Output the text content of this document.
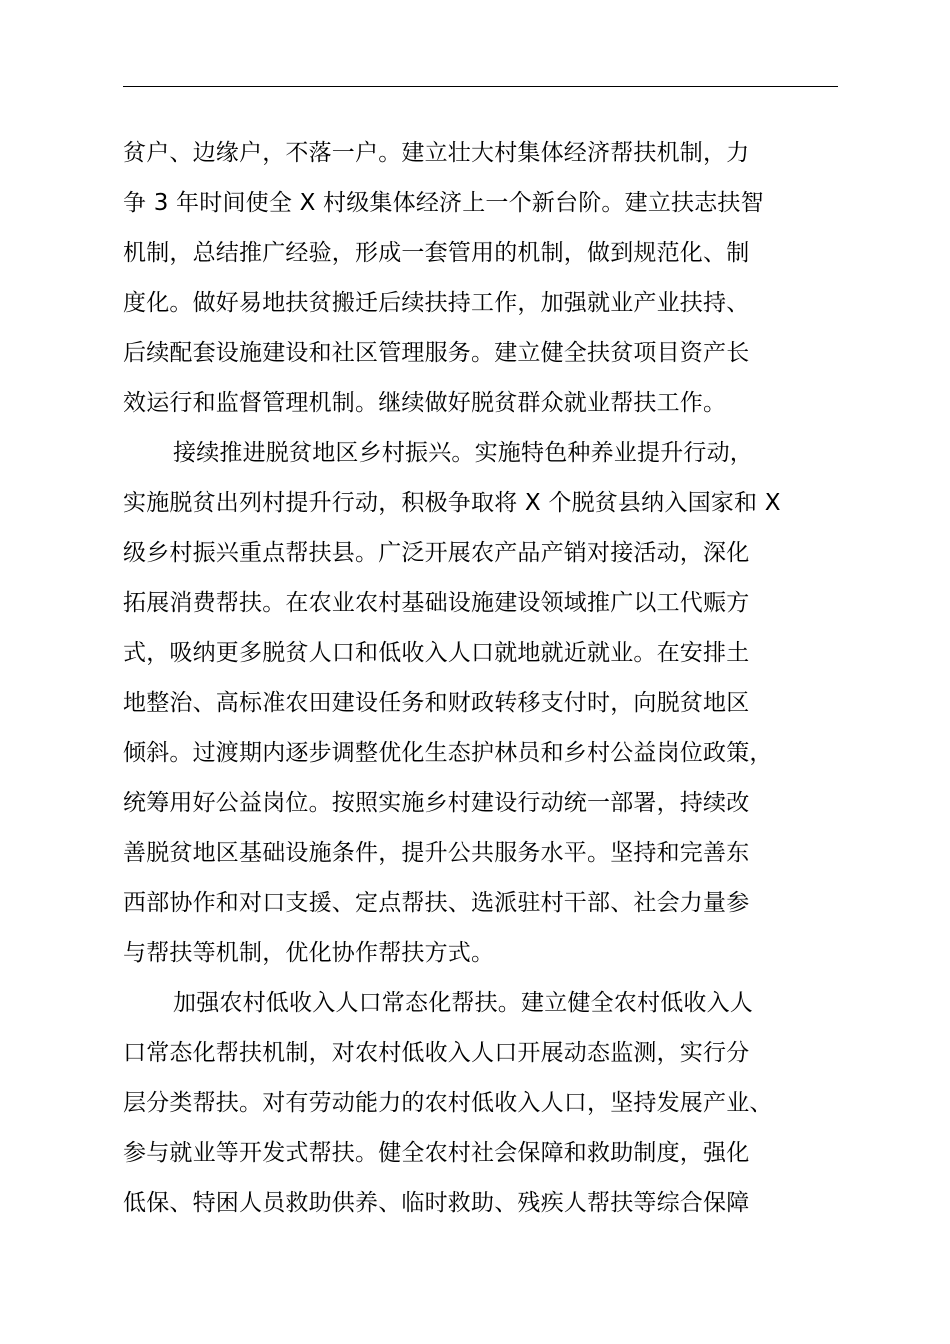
贫户、边缘户，不落一户。建立壮大村集体经济帮扶机制，力
争 3 年时间使全 X 村级集体经济上一个新台阶。建立扶志扶智
机制，总结推广经验，形成一套管用的机制，做到规范化、制
度化。做好易地扶贫搬迁后续扶持工作，加强就业产业扶持、
后续配套设施建设和社区管理服务。建立健全扶贫项目资产长
效运行和监督管理机制。继续做好脱贫群众就业帮扶工作。
接续推进脱贫地区乡村振兴。实施特色种养业提升行动，
实施脱贫出列村提升行动，积极争取将 X 个脱贫县纳入国家和 X
级乡村振兴重点帮扶县。广泛开展农产品产销对接活动，深化
拓展消费帮扶。在农业农村基础设施建设领域推广以工代赈方
式，吸纳更多脱贫人口和低收入人口就地就近就业。在安排土
地整治、高标准农田建设任务和财政转移支付时，向脱贫地区
倾斜。过渡期内逐步调整优化生态护林员和乡村公益岗位政策，
统筹用好公益岗位。按照实施乡村建设行动统一部署，持续改
善脱贫地区基础设施条件，提升公共服务水平。坚持和完善东
西部协作和对口支援、定点帮扶、选派驻村干部、社会力量参
与帮扶等机制，优化协作帮扶方式。
加强农村低收入人口常态化帮扶。建立健全农村低收入人
口常态化帮扶机制，对农村低收入人口开展动态监测，实行分
层分类帮扶。对有劳动能力的农村低收入人口，坚持发展产业、
参与就业等开发式帮扶。健全农村社会保障和救助制度，强化
低保、特困人员救助供养、临时救助、残疾人帮扶等综合保障
